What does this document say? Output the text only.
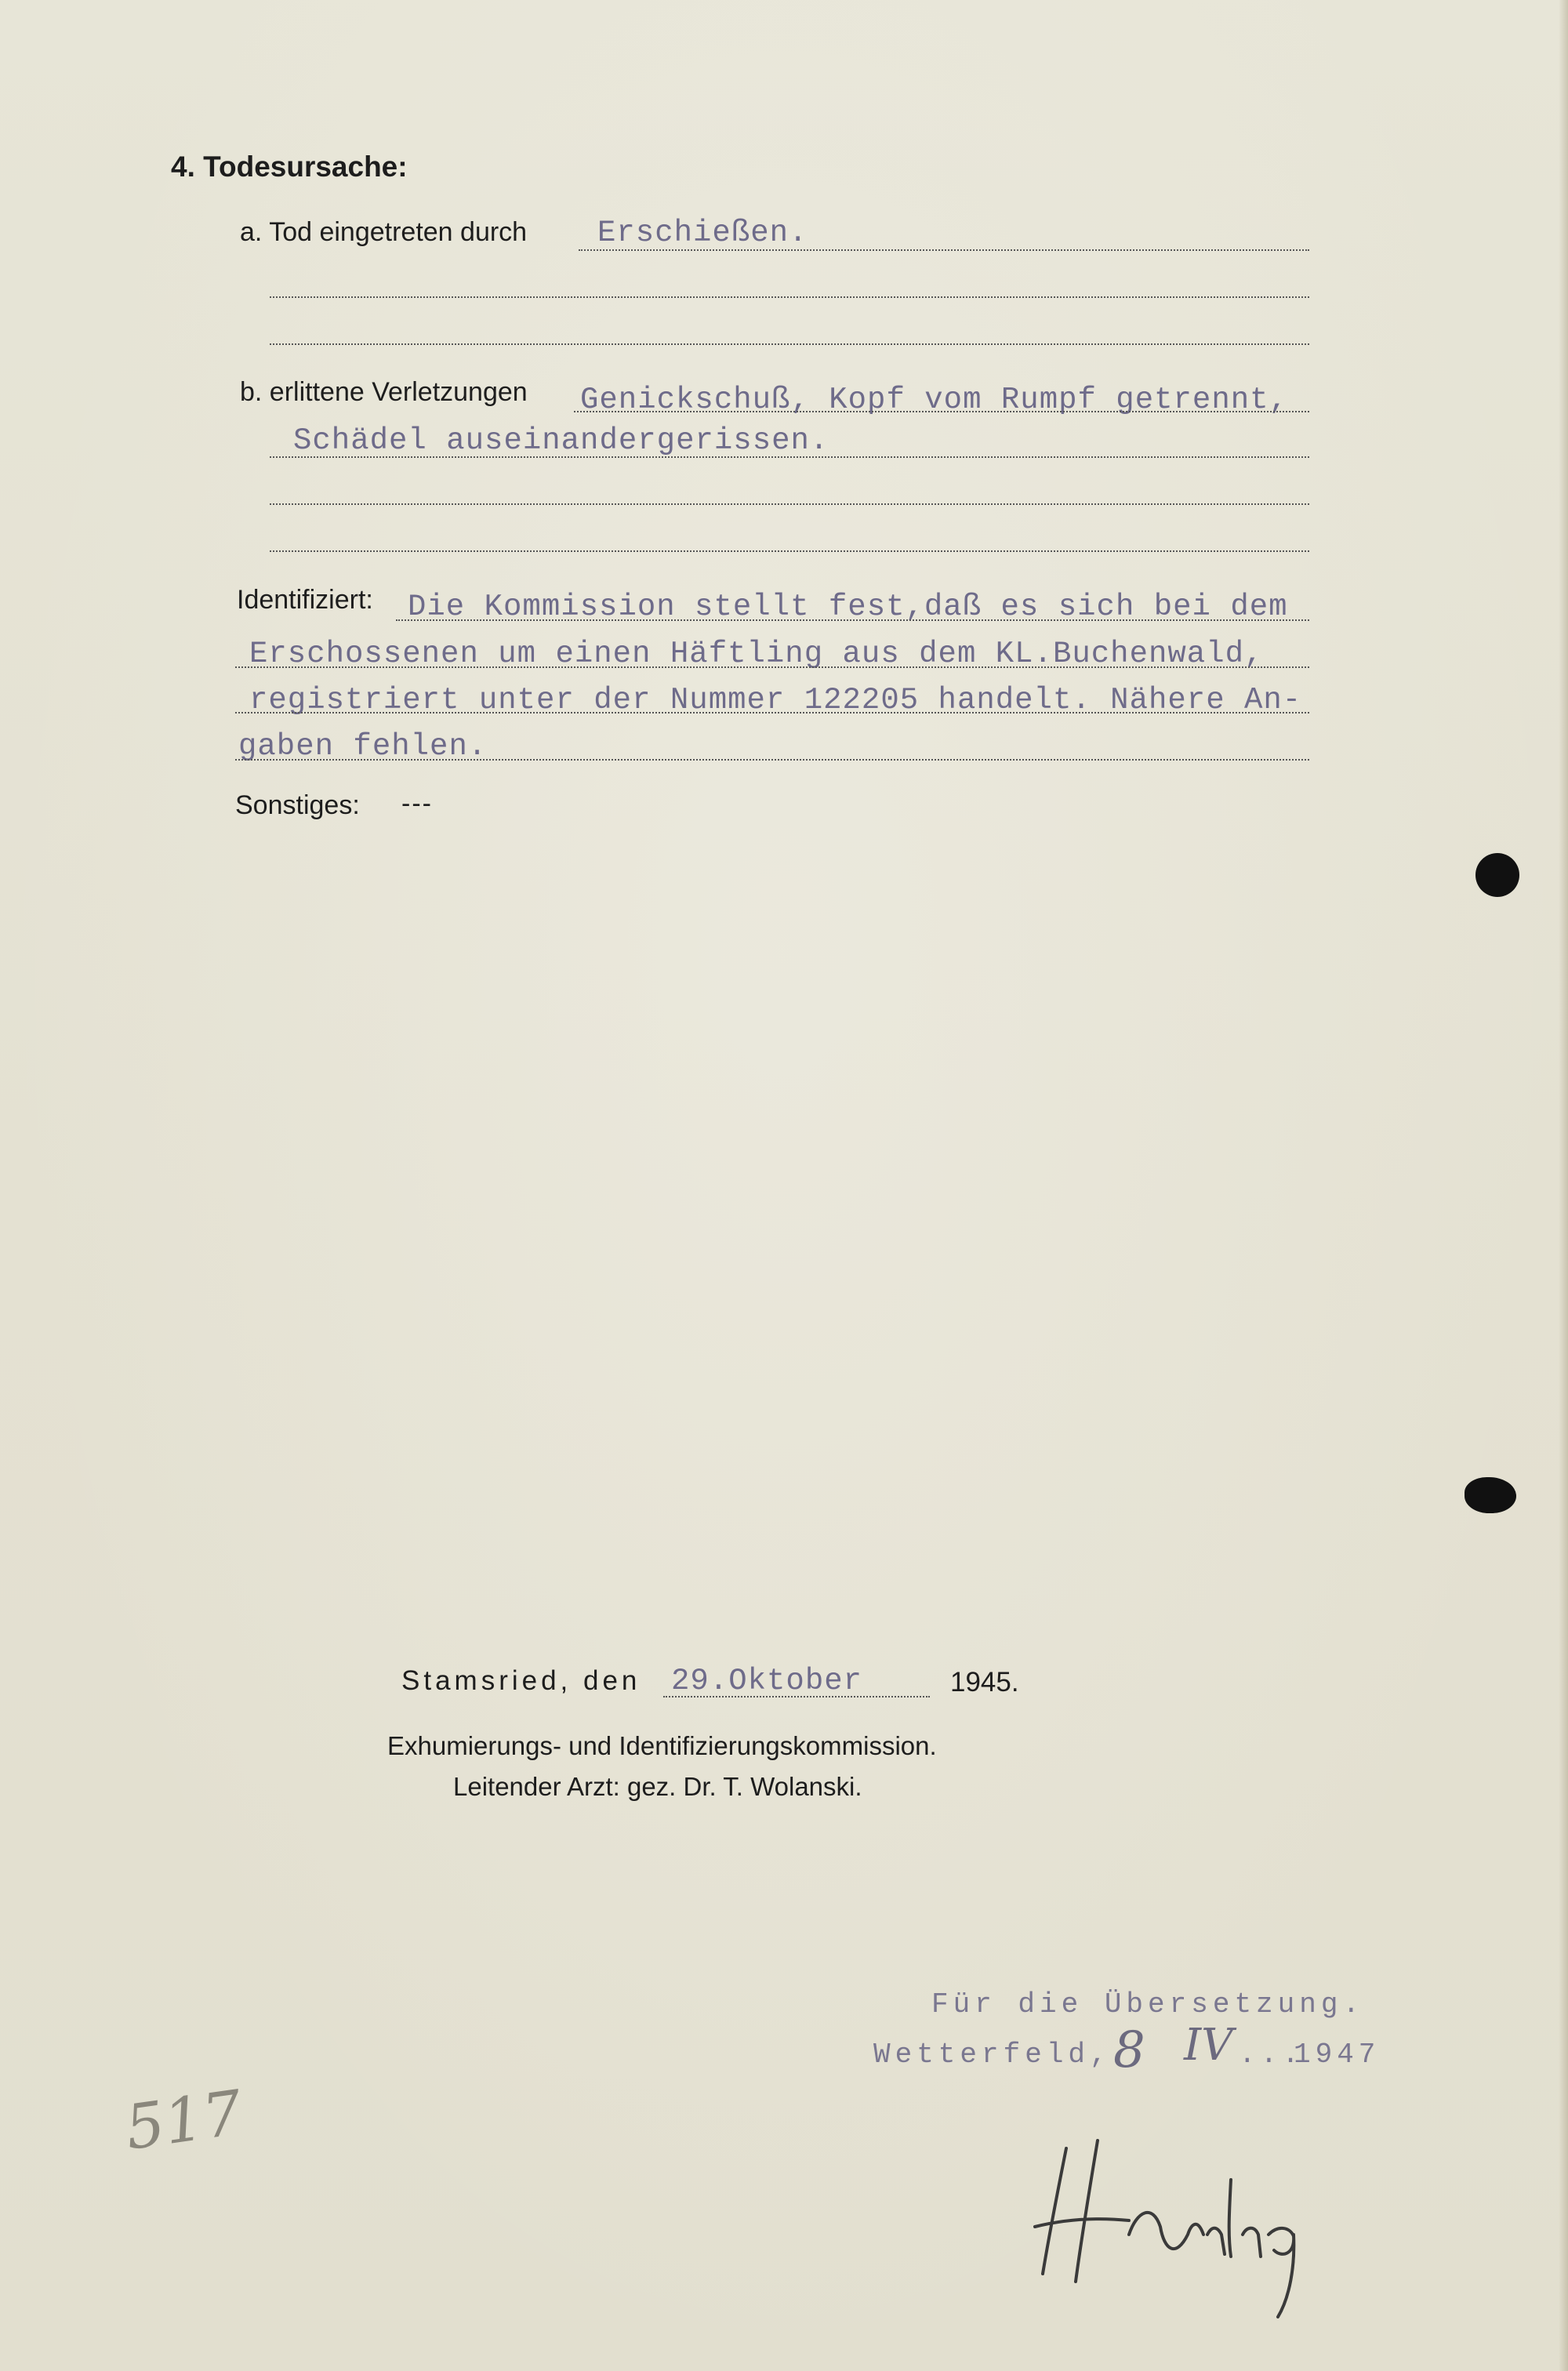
4. Todesursache:
a. Tod eingetreten durch Erschießen.
b. erlittene Verletzungen Genickschuß, Kopf vom Rumpf getrennt,
Schädel auseinandergerissen.
Identifiziert: Die Kommission stellt fest,daß es sich bei dem
Erschossenen um einen Häftling aus dem KL.Buchenwald,
registriert unter der Nummer 122205 handelt. Nähere An-
gaben fehlen.
Sonstiges: ---
Stamsried, den 29.Oktober	1945.
Exhumierungs- und Identifizierungskommission.
Leitender Arzt: gez. Dr. T. Wolanski.
Für die Übersetzung.
Wetterfeld, 8 IV ...
1947
517
